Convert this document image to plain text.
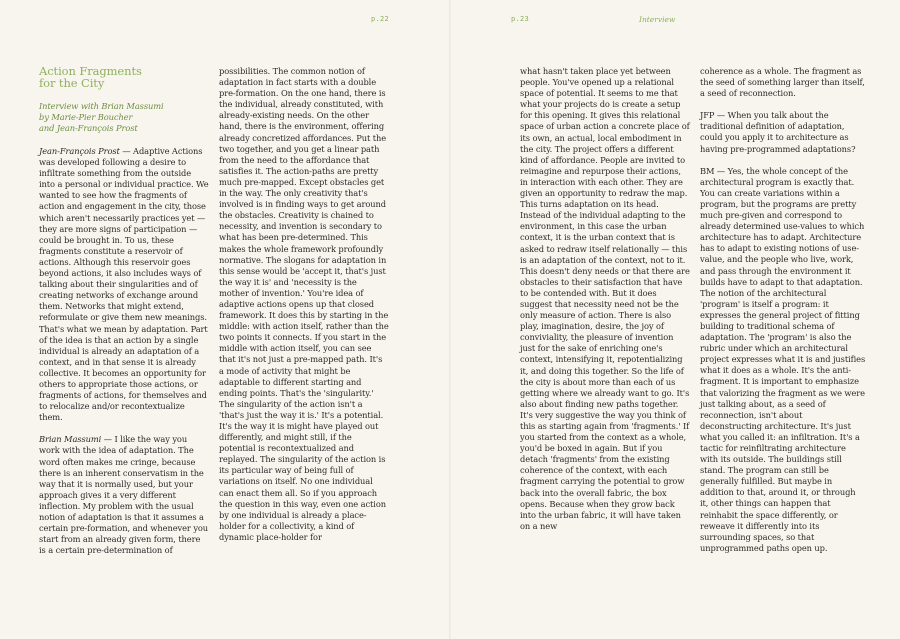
p.22	p.23	Interview
Action Fragments
for the City
Interview with Brian Massumi
by Marie-Pier Boucher
and Jean-François Prost

Jean-François Prost — Adaptive Actions was developed following a desire to infiltrate something from the outside into a personal or individual practice. We wanted to see how the fragments of action and engagement in the city, those which aren't necessarily practices yet — they are more signs of participation — could be brought in. To us, these fragments constitute a reservoir of actions. Although this reservoir goes beyond actions, it also includes ways of talking about their singularities and of creating networks of exchange around them. Networks that might extend, reformulate or give them new meanings. That's what we mean by adaptation. Part of the idea is that an action by a single individual is already an adaptation of a context, and in that sense it is already collective. It becomes an opportunity for others to appropriate those actions, or fragments of actions, for themselves and to relocalize and/or recontextualize them.

Brian Massumi — I like the way you work with the idea of adaptation. The word often makes me cringe, because there is an inherent conservatism in the way that it is normally used, but your approach gives it a very different inflection. My problem with the usual notion of adaptation is that it assumes a certain pre-formation, and whenever you start from an already given form, there is a certain pre-determination of

possibilities. The common notion of adaptation in fact starts with a double pre-formation. On the one hand, there is the individual, already constituted, with already-existing needs. On the other hand, there is the environment, offering already concretized affordances. Put the two together, and you get a linear path from the need to the affordance that satisfies it. The action-paths are pretty much pre-mapped. Except obstacles get in the way. The only creativity that's involved is in finding ways to get around the obstacles. Creativity is chained to necessity, and invention is secondary to what has been pre-determined. This makes the whole framework profoundly normative. The slogans for adaptation in this sense would be 'accept it, that's just the way it is' and 'necessity is the mother of invention.' You're idea of adaptive actions opens up that closed framework. It does this by starting in the middle: with action itself, rather than the two points it connects. If you start in the middle with action itself, you can see that it's not just a pre-mapped path. It's a mode of activity that might be adaptable to different starting and ending points. That's the 'singularity.' The singularity of the action isn't a 'that's just the way it is.' It's a potential. It's the way it is might have played out differently, and might still, if the potential is recontextualized and replayed. The singularity of the action is its particular way of being full of variations on itself. No one individual can enact them all. So if you approach the question in this way, even one action by one individual is already a place-holder for a collectivity, a kind of dynamic place-holder for

what hasn't taken place yet between people. You've opened up a relational space of potential. It seems to me that what your projects do is create a setup for this opening. It gives this relational space of urban action a concrete place of its own, an actual, local embodiment in the city. The project offers a different kind of affordance. People are invited to reimagine and repurpose their actions, in interaction with each other. They are given an opportunity to redraw the map. This turns adaptation on its head. Instead of the individual adapting to the environment, in this case the urban context, it is the urban context that is asked to redraw itself relationally — this is an adaptation of the context, not to it. This doesn't deny needs or that there are obstacles to their satisfaction that have to be contended with. But it does suggest that necessity need not be the only measure of action. There is also play, imagination, desire, the joy of conviviality, the pleasure of invention just for the sake of enriching one's context, intensifying it, repotentializing it, and doing this together. So the life of the city is about more than each of us getting where we already want to go. It's also about finding new paths together. It's very suggestive the way you think of this as starting again from 'fragments.' If you started from the context as a whole, you'd be boxed in again. But if you detach 'fragments' from the existing coherence of the context, with each fragment carrying the potential to grow back into the overall fabric, the box opens. Because when they grow back into the urban fabric, it will have taken on a new

coherence as a whole. The fragment as the seed of something larger than itself, a seed of reconnection.

JFP — When you talk about the traditional definition of adaptation, could you apply it to architecture as having pre-programmed adaptations?

BM — Yes, the whole concept of the architectural program is exactly that. You can create variations within a program, but the programs are pretty much pre-given and correspond to already determined use-values to which architecture has to adapt. Architecture has to adapt to existing notions of use-value, and the people who live, work, and pass through the environment it builds have to adapt to that adaptation. The notion of the architectural 'program' is itself a program: it expresses the general project of fitting building to traditional schema of adaptation. The 'program' is also the rubric under which an architectural project expresses what it is and justifies what it does as a whole. It's the anti-fragment. It is important to emphasize that valorizing the fragment as we were just talking about, as a seed of reconnection, isn't about deconstructing architecture. It's just what you called it: an infiltration. It's a tactic for reinfiltrating architecture with its outside. The buildings still stand. The program can still be generally fulfilled. But maybe in addition to that, around it, or through it, other things can happen that reinhabit the space differently, or reweave it differently into its surrounding spaces, so that unprogrammed paths open up.
